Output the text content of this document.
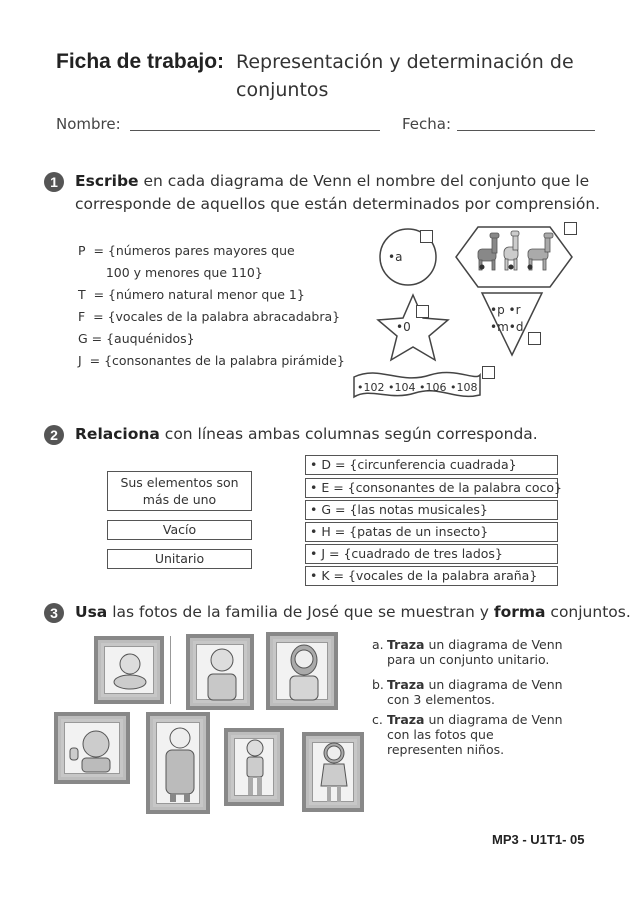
Ficha de trabajo: Representación y determinación de
conjuntos
Nombre:	Fecha:
1 Escribe en cada diagrama de Venn el nombre del conjunto que le
corresponde de aquellos que están determinados por comprensión.
P  = {números pares mayores que
100 y menores que 110}
T  = {número natural menor que 1}
F  = {vocales de la palabra abracadabra}
G = {auquénidos}
J  = {consonantes de la palabra pirámide}
•a
•0
•p •r
•m•d
•102 •104 •106 •108
2 Relaciona con líneas ambas columnas según corresponda.
Sus elementos son
más de uno
Vacío
Unitario
• D = {circunferencia cuadrada}
• E = {consonantes de la palabra coco}
• G = {las notas musicales}
• H = {patas de un insecto}
• J = {cuadrado de tres lados}
• K = {vocales de la palabra araña}
3 Usa las fotos de la familia de José que se muestran y forma conjuntos.
a. Traza un diagrama de Venn
para un conjunto unitario.
b. Traza un diagrama de Venn
con 3 elementos.
c. Traza un diagrama de Venn
con las fotos que
representen niños.
MP3 - U1T1- 05
